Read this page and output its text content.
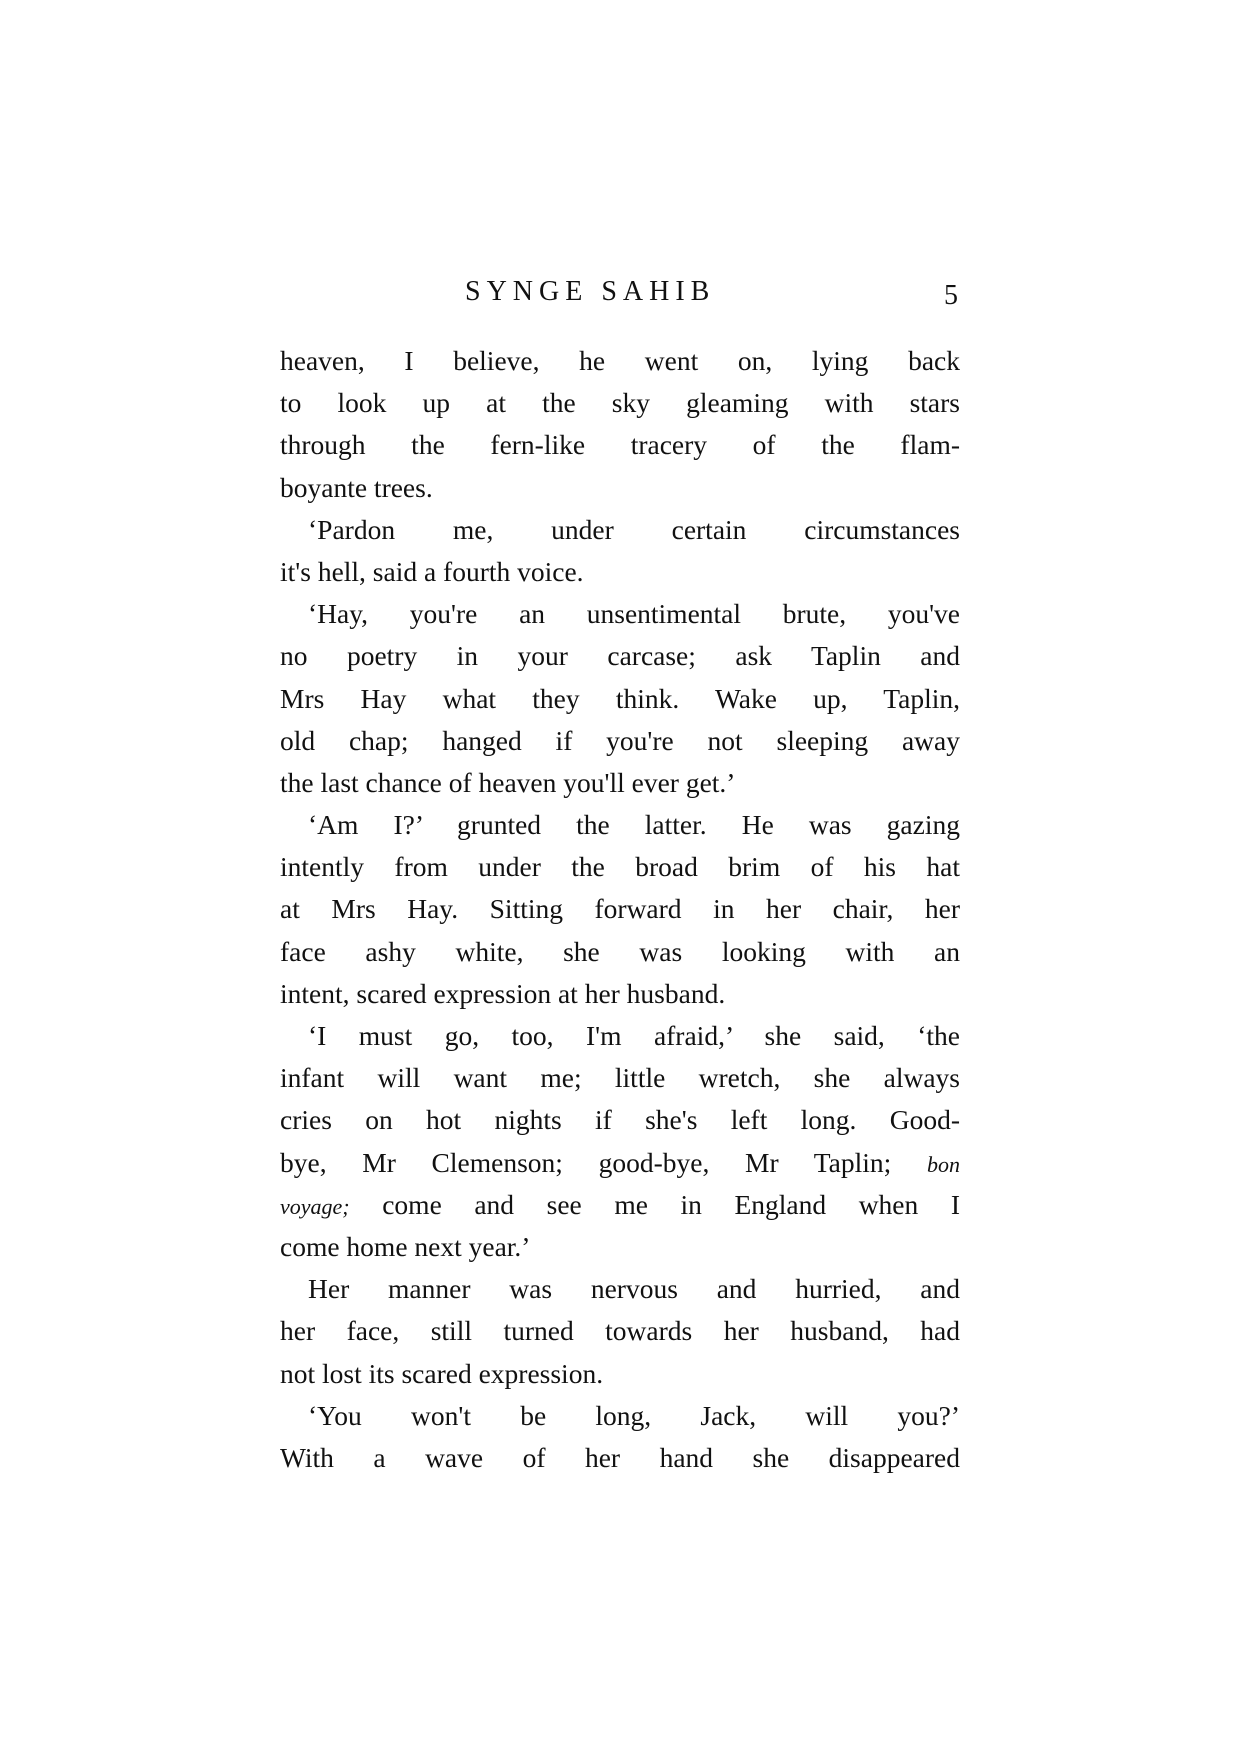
SYNGE SAHIB	5
heaven, I believe, he went on, lying back
to look up at the sky gleaming with stars
through the fern-like tracery of the flam-
boyante trees.
‘Pardon me, under certain circumstances
it's hell, said a fourth voice.
‘Hay, you're an unsentimental brute, you've
no poetry in your carcase; ask Taplin and
Mrs Hay what they think. Wake up, Taplin,
old chap; hanged if you're not sleeping away
the last chance of heaven you'll ever get.’
‘Am I?’ grunted the latter. He was gazing
intently from under the broad brim of his hat
at Mrs Hay. Sitting forward in her chair, her
face ashy white, she was looking with an
intent, scared expression at her husband.
‘I must go, too, I'm afraid,’ she said, ‘the
infant will want me; little wretch, she always
cries on hot nights if she's left long. Good-
bye, Mr Clemenson; good-bye, Mr Taplin; bon
voyage; come and see me in England when I
come home next year.’
Her manner was nervous and hurried, and
her face, still turned towards her husband, had
not lost its scared expression.
‘You won't be long, Jack, will you?’
With a wave of her hand she disappeared
